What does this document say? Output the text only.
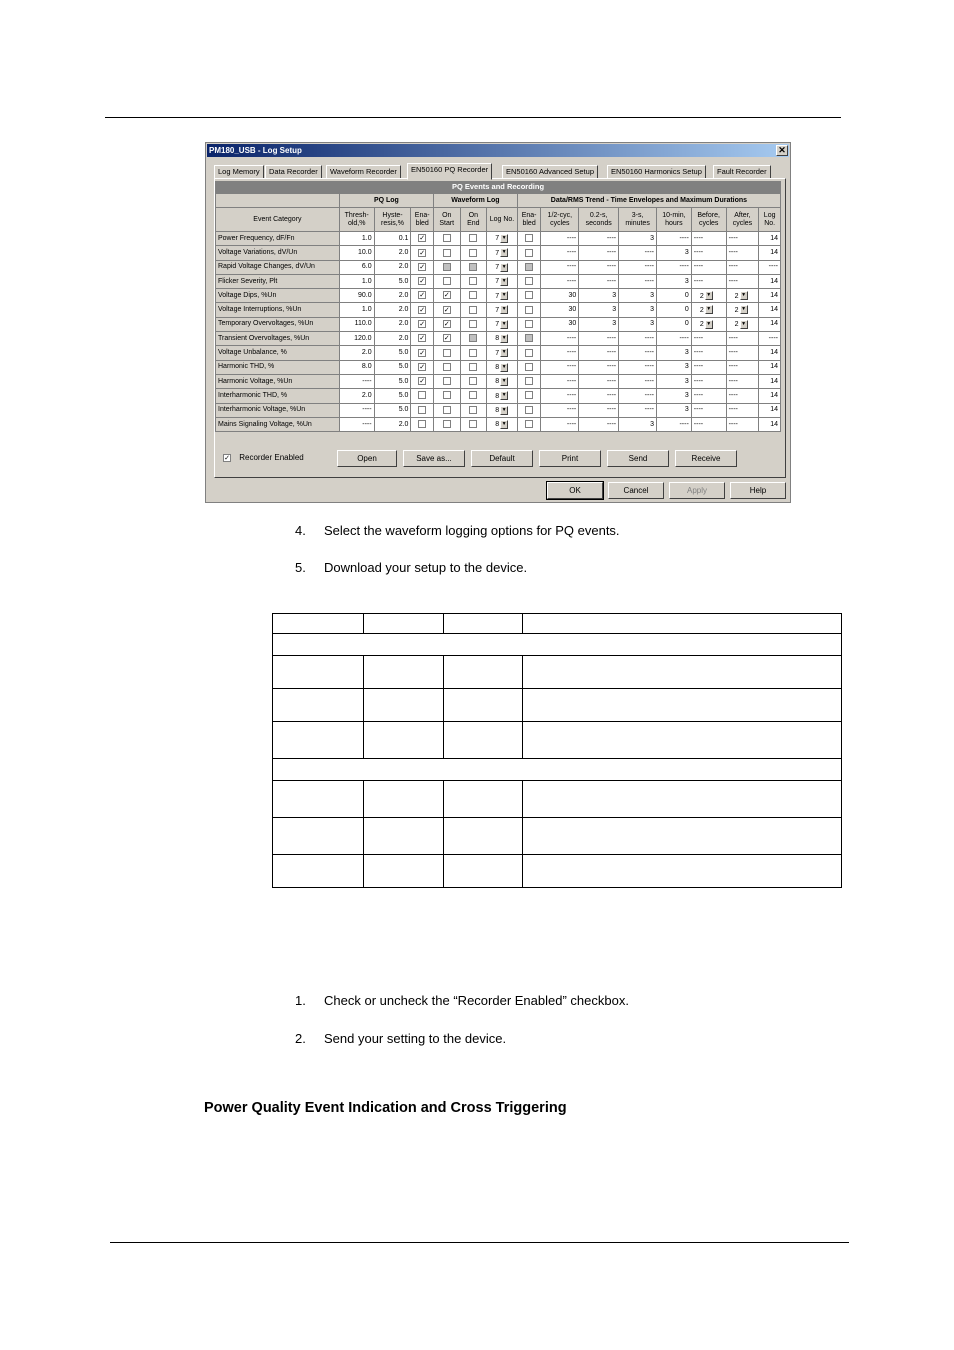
PM180_USB - Log Setup	✕
Log Memory	Data Recorder	Waveform Recorder	EN50160 PQ Recorder	EN50160 Advanced Setup	EN50160 Harmonics Setup	Fault Recorder
PQ Events and Recording
	PQ Log			Waveform Log			Data/RMS Trend - Time Envelopes and Maximum Durations							
Event Category	Thresh-old,%	Hyste-resis,%	Ena-bled	On Start	On End	Log No.	Ena-bled	1/2-cyc, cycles	0.2-s, seconds	3-s, minutes	10-min, hours	Before, cycles	After, cycles	Log No.
Power Frequency, dF/Fn	1.0	0.1	✓			7 ▼		----	----	3	----	----	----	14
Voltage Variations, dV/Un	10.0	2.0	✓			7 ▼		----	----	----	3	----	----	14
Rapid Voltage Changes, dV/Un	6.0	2.0	✓			7 ▼		----	----	----	----	----	----	----
Flicker Severity, Plt	1.0	5.0	✓			7 ▼		----	----	----	3	----	----	14
Voltage Dips, %Un	90.0	2.0	✓	✓		7 ▼		30	3	3	0	2 ▼	2 ▼	14
Voltage Interruptions, %Un	1.0	2.0	✓	✓		7 ▼		30	3	3	0	2 ▼	2 ▼	14
Temporary Overvoltages, %Un	110.0	2.0	✓	✓		7 ▼		30	3	3	0	2 ▼	2 ▼	14
Transient Overvoltages, %Un	120.0	2.0	✓	✓		8 ▼		----	----	----	----	----	----	----
Voltage Unbalance, %	2.0	5.0	✓			7 ▼		----	----	----	3	----	----	14
Harmonic THD, %	8.0	5.0	✓			8 ▼		----	----	----	3	----	----	14
Harmonic Voltage, %Un	----	5.0	✓			8 ▼		----	----	----	3	----	----	14
Interharmonic THD, %	2.0	5.0				8 ▼		----	----	----	3	----	----	14
Interharmonic Voltage, %Un	----	5.0				8 ▼		----	----	----	3	----	----	14
Mains Signaling Voltage, %Un	----	2.0				8 ▼		----	----	3	----	----	----	14
✓ Recorder Enabled	Open	Save as...	Default	Print	Send	Receive
OK	Cancel	Apply	Help
4. Select the waveform logging options for PQ events.
5. Download your setup to the device.

1. Check or uncheck the “Recorder Enabled” checkbox.
2. Send your setting to the device.
Power Quality Event Indication and Cross Triggering
